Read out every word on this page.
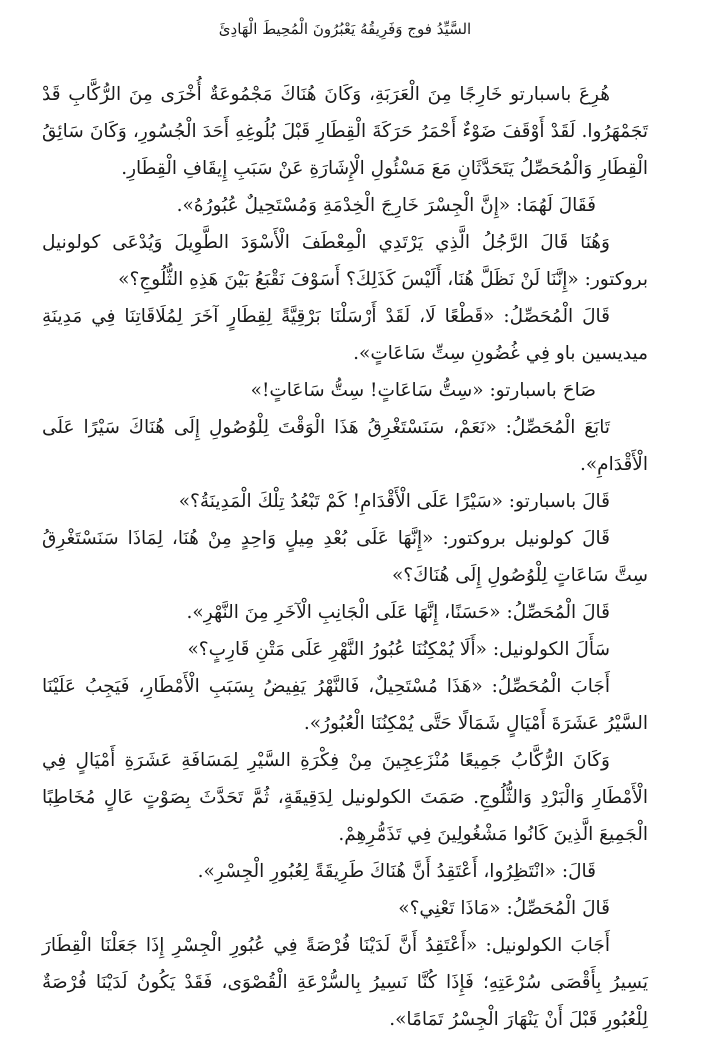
السَّيِّدُ فوج وَفَرِيقُهُ يَعْبُرُونَ الْمُحِيطَ الْهَادِئَ

هُرِعَ باسبارتو خَارِجًا مِنَ الْعَرَبَةِ، وَكَانَ هُنَاكَ مَجْمُوعَةٌ أُخْرَى مِنَ الرُّكَّابِ قَدْ تَجَمْهَرُوا. لَقَدْ أَوْقَفَ ضَوْءٌ أَحْمَرُ حَرَكَةَ الْقِطَارِ قَبْلَ بُلُوغِهِ أَحَدَ الْجُسُورِ، وَكَانَ سَائِقُ الْقِطَارِ وَالْمُحَصِّلُ يَتَحَدَّثَانِ مَعَ مَسْئُولِ الْإِشَارَةِ عَنْ سَبَبِ إِيقَافِ الْقِطَارِ.

فَقَالَ لَهُمَا: «إِنَّ الْجِسْرَ خَارِجَ الْخِدْمَةِ وَمُسْتَحِيلٌ عُبُورُهُ».

وَهُنَا قَالَ الرَّجُلُ الَّذِي يَرْتَدِي الْمِعْطَفَ الْأَسْوَدَ الطَّوِيلَ وَيُدْعَى كولونيل بروكتور: «إِنَّنَا لَنْ نَظَلَّ هُنَا، أَلَيْسَ كَذَلِكَ؟ أَسَوْفَ نَقْبَعُ بَيْنَ هَذِهِ الثُّلُوجِ؟»

قَالَ الْمُحَصِّلُ: «قَطْعًا لَا، لَقَدْ أَرْسَلْنَا بَرْقِيَّةً لِقِطَارٍ آخَرَ لِمُلَاقَاتِنَا فِي مَدِينَةِ ميديسين باو فِي غُضُونِ سِتِّ سَاعَاتٍ».

صَاحَ باسبارتو: «سِتُّ سَاعَاتٍ! سِتُّ سَاعَاتٍ!»

تَابَعَ الْمُحَصِّلُ: «نَعَمْ، سَنَسْتَغْرِقُ هَذَا الْوَقْتَ لِلْوُصُولِ إِلَى هُنَاكَ سَيْرًا عَلَى الْأَقْدَامِ».

قَالَ باسبارتو: «سَيْرًا عَلَى الْأَقْدَامِ! كَمْ تَبْعُدُ تِلْكَ الْمَدِينَةُ؟»

قَالَ كولونيل بروكتور: «إِنَّهَا عَلَى بُعْدِ مِيلٍ وَاحِدٍ مِنْ هُنَا، لِمَاذَا سَنَسْتَغْرِقُ سِتَّ سَاعَاتٍ لِلْوُصُولِ إِلَى هُنَاكَ؟»

قَالَ الْمُحَصِّلُ: «حَسَنًا، إِنَّهَا عَلَى الْجَانِبِ الْآخَرِ مِنَ النَّهْرِ».

سَأَلَ الكولونيل: «أَلَا يُمْكِنُنَا عُبُورُ النَّهْرِ عَلَى مَتْنِ قَارِبٍ؟»

أَجَابَ الْمُحَصِّلُ: «هَذَا مُسْتَحِيلٌ، فَالنَّهْرُ يَفِيضُ بِسَبَبِ الْأَمْطَارِ، فَيَجِبُ عَلَيْنَا السَّيْرُ عَشَرَةَ أَمْيَالٍ شَمَالًا حَتَّى يُمْكِنُنَا الْعُبُورُ».

وَكَانَ الرُّكَّابُ جَمِيعًا مُنْزَعِجِينَ مِنْ فِكْرَةِ السَّيْرِ لِمَسَافَةِ عَشَرَةِ أَمْيَالٍ فِي الْأَمْطَارِ وَالْبَرْدِ وَالثُّلُوجِ. صَمَتَ الكولونيل لِدَقِيقَةٍ، ثُمَّ تَحَدَّثَ بِصَوْتٍ عَالٍ مُخَاطِبًا الْجَمِيعَ الَّذِينَ كَانُوا مَشْغُولِينَ فِي تَذَمُّرِهِمْ.

قَالَ: «انْتَظِرُوا، أَعْتَقِدُ أَنَّ هُنَاكَ طَرِيقَةً لِعُبُورِ الْجِسْرِ».

قَالَ الْمُحَصِّلُ: «مَاذَا تَعْنِي؟»

أَجَابَ الكولونيل: «أَعْتَقِدُ أَنَّ لَدَيْنَا فُرْصَةً فِي عُبُورِ الْجِسْرِ إِذَا جَعَلْنَا الْقِطَارَ يَسِيرُ بِأَقْصَى سُرْعَتِهِ؛ فَإِذَا كُنَّا نَسِيرُ بِالسُّرْعَةِ الْقُصْوَى، فَقَدْ يَكُونُ لَدَيْنَا فُرْصَةٌ لِلْعُبُورِ قَبْلَ أَنْ يَنْهَارَ الْجِسْرُ تَمَامًا».
